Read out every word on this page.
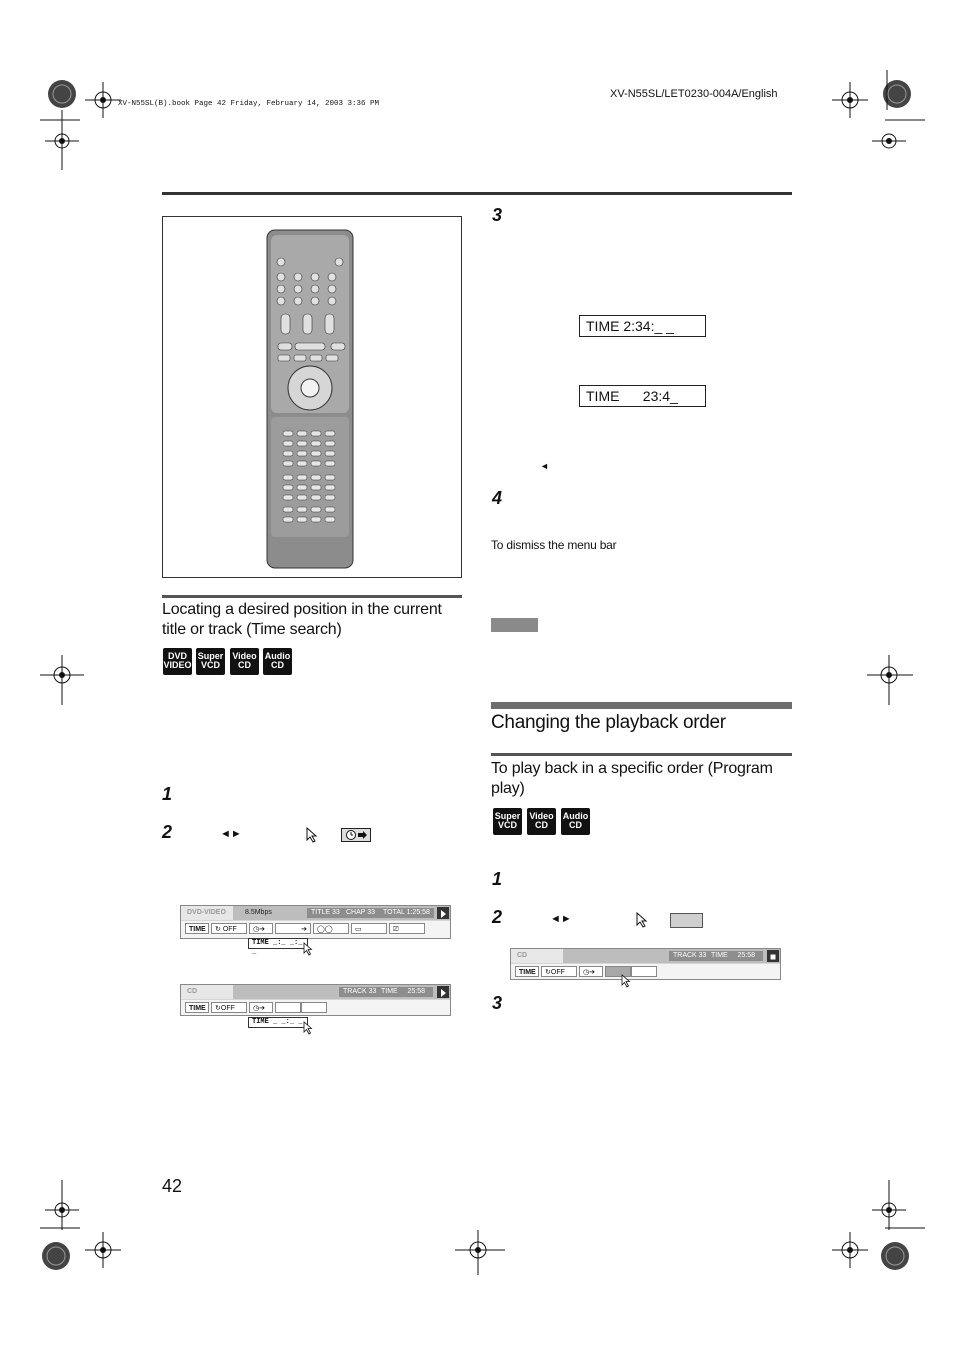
XV-N55SL(B).book Page 42 Friday, February 14, 2003 3:36 PM
XV-N55SL/LET0230-004A/English
Locating a desired position in the current
title or track (Time search)
DVD
VIDEO
Super
VCD
Video
CD
Audio
CD
1
2	◄►
DVD-VIDEO	8.5Mbps	TITLE 33 CHAP 33	TOTAL 1:25:58
TIME	↻ OFF	◷➔	➔	◯◯	▭	⎚
TIME _:_ _:_ _
CD	TRACK 33 TIME 25:58
TIME	↻OFF	◷➔
TIME _ _:_ _
3
TIME 2:34:_ _
TIME      23:4_
◄
4
To dismiss the menu bar
Changing the playback order
To play back in a specific order (Program
play)
Super
VCD
Video
CD
Audio
CD
1
2	◄►
CD	TRACK 33 TIME 25:58
TIME	↻OFF	◷➔
3
42
